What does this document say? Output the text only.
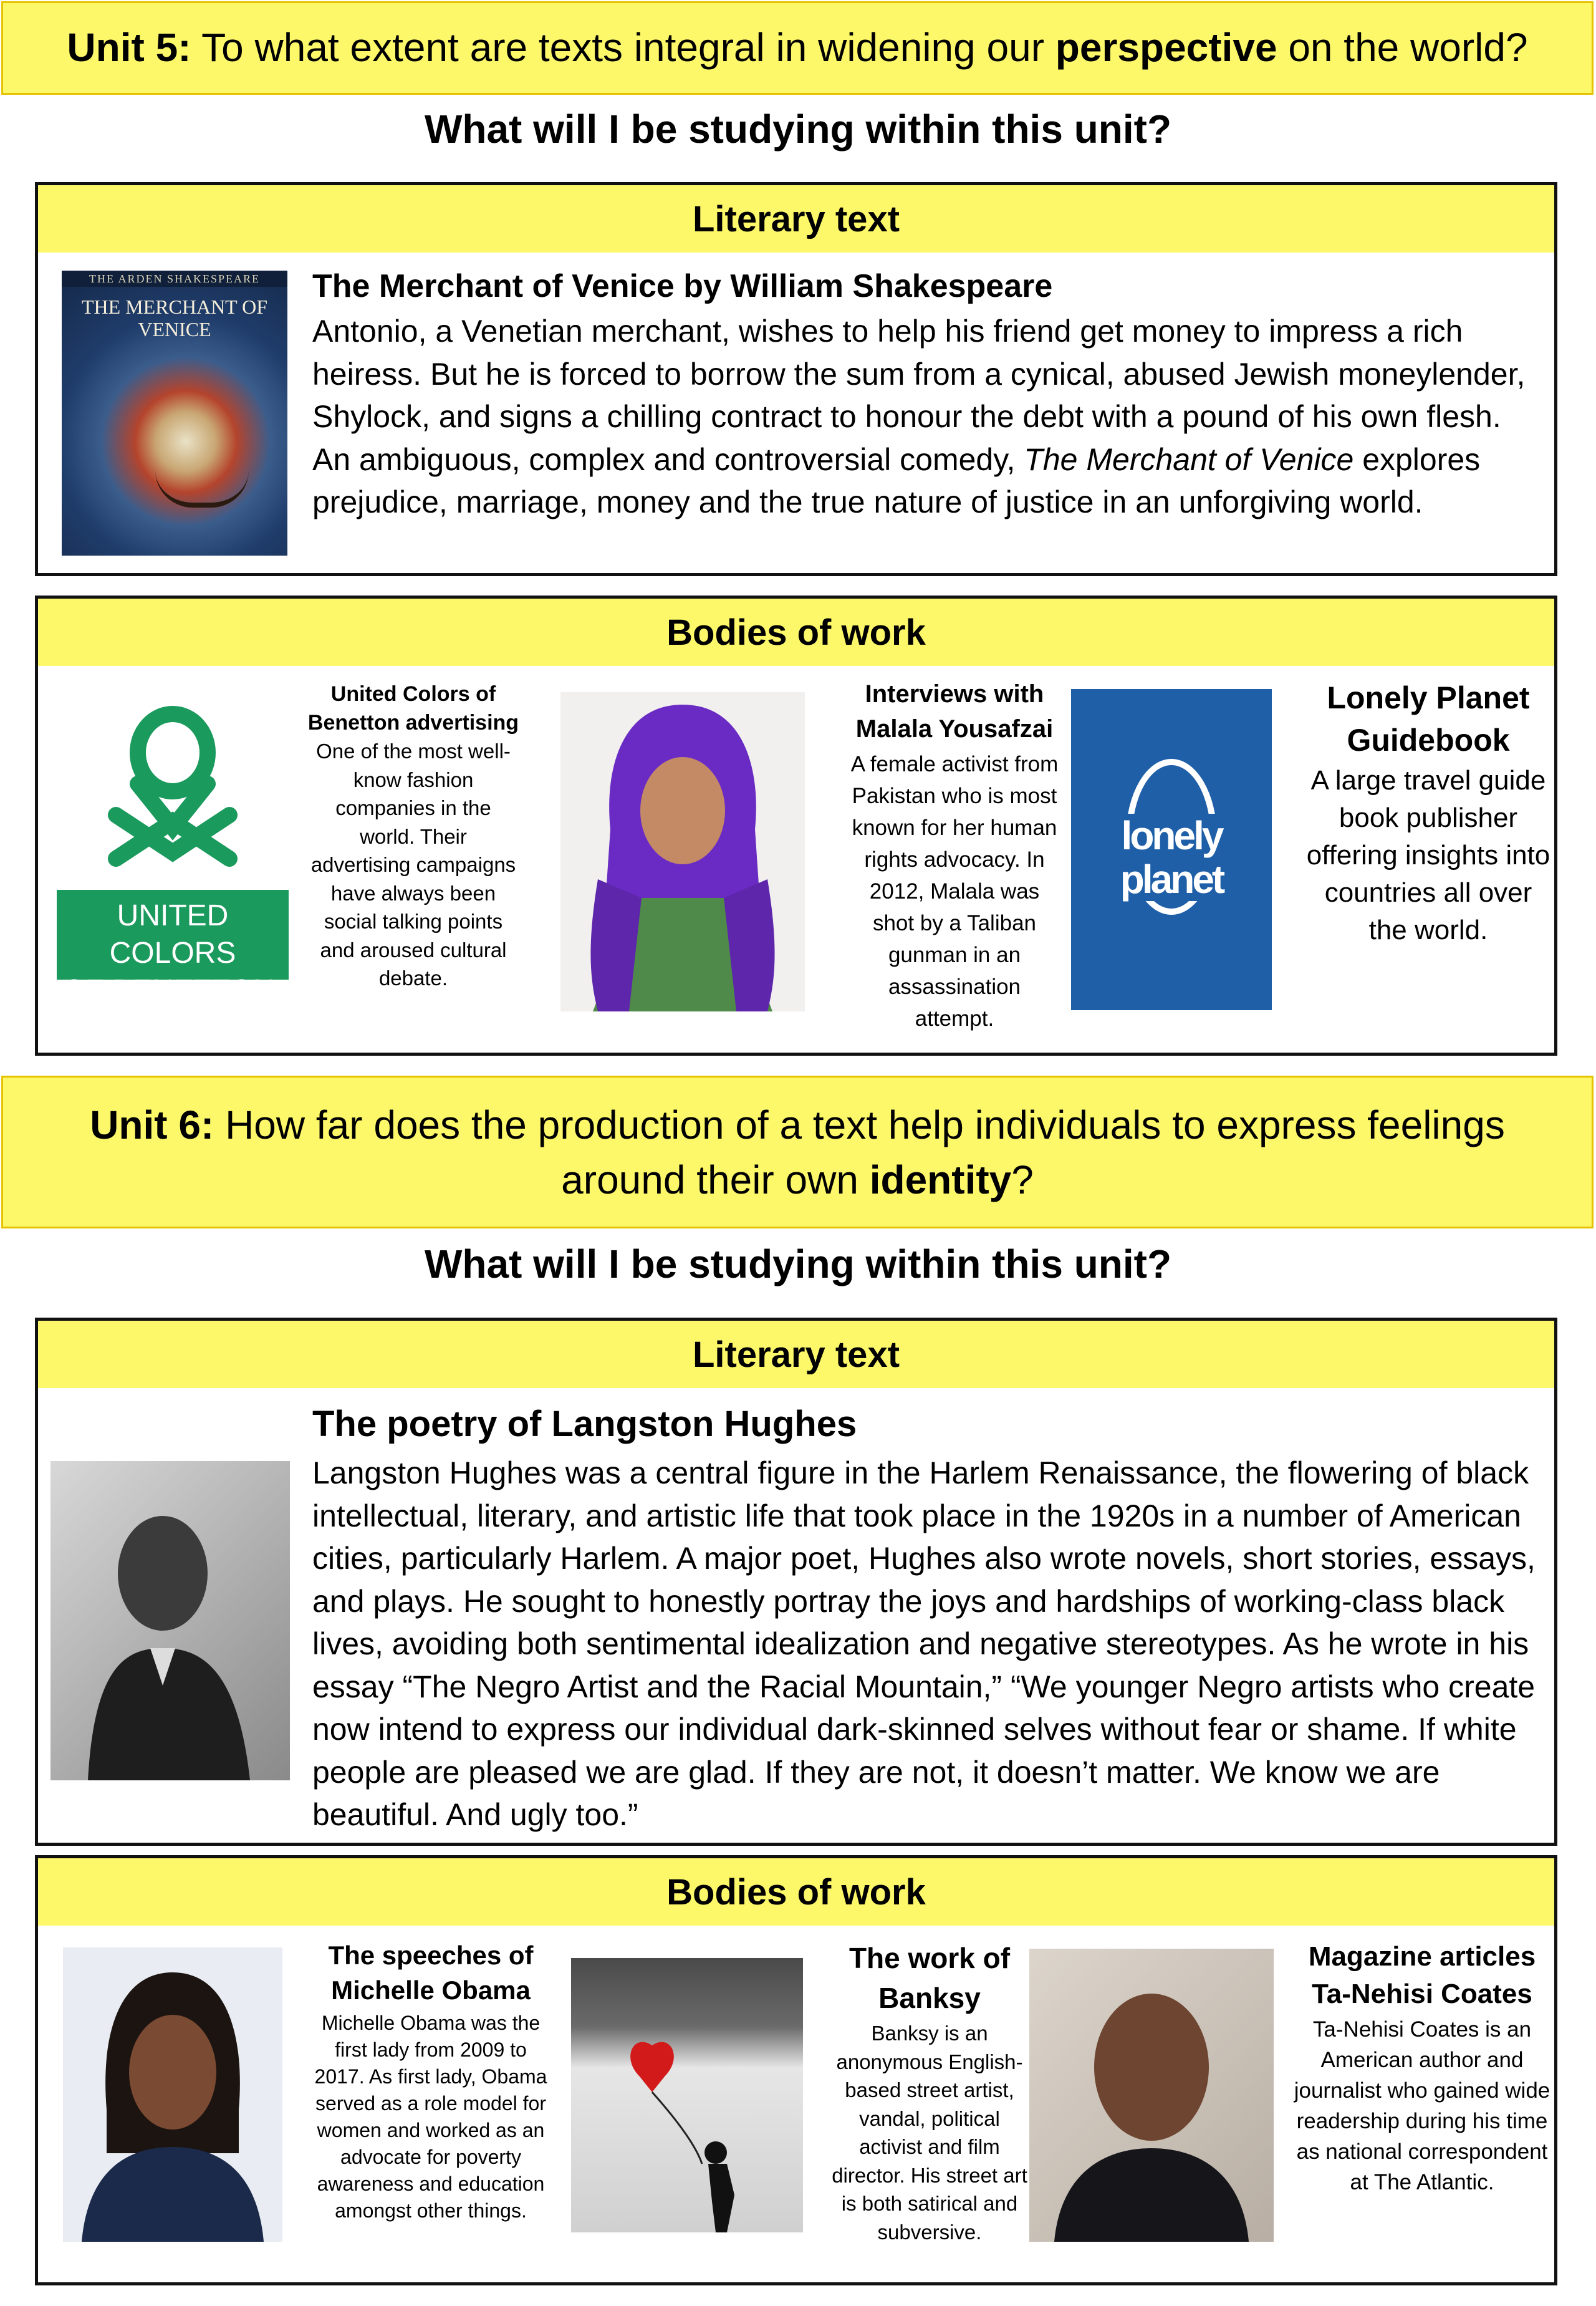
Unit 5: To what extent are texts integral in widening our perspective on the world?
What will I be studying within this unit?
Literary text
THE ARDEN SHAKESPEARE
THE MERCHANT OF VENICE
The Merchant of Venice by William Shakespeare
Antonio, a Venetian merchant, wishes to help his friend get money to impress a rich heiress. But he is forced to borrow the sum from a cynical, abused Jewish moneylender, Shylock, and signs a chilling contract to honour the debt with a pound of his own flesh. An ambiguous, complex and controversial comedy, The Merchant of Venice explores prejudice, marriage, money and the true nature of justice in an unforgiving world.
Bodies of work
UNITED COLORS
OF BENETTON.
United Colors of Benetton advertising
One of the most well-know fashion companies in the world. Their advertising campaigns have always been social talking points and aroused cultural debate.
Interviews with Malala Yousafzai
A female activist from Pakistan who is most known for her human rights advocacy. In 2012, Malala was shot by a Taliban gunman in an assassination attempt.
lonely planet
Lonely Planet Guidebook
A large travel guide book publisher offering insights into countries all over the world.
Unit 6: How far does the production of a text help individuals to express feelings around their own identity?
What will I be studying within this unit?
Literary text
The poetry of Langston Hughes
Langston Hughes was a central figure in the Harlem Renaissance, the flowering of black intellectual, literary, and artistic life that took place in the 1920s in a number of American cities, particularly Harlem. A major poet, Hughes also wrote novels, short stories, essays, and plays. He sought to honestly portray the joys and hardships of working-class black lives, avoiding both sentimental idealization and negative stereotypes. As he wrote in his essay “The Negro Artist and the Racial Mountain,” “We younger Negro artists who create now intend to express our individual dark-skinned selves without fear or shame. If white people are pleased we are glad. If they are not, it doesn’t matter. We know we are beautiful. And ugly too.”
Bodies of work
The speeches of Michelle Obama
Michelle Obama was the first lady from 2009 to 2017. As first lady, Obama served as a role model for women and worked as an advocate for poverty awareness and education amongst other things.
The work of Banksy
Banksy is an anonymous English-based street artist, vandal, political activist and film director. His street art is both satirical and subversive.
Magazine articles Ta-Nehisi Coates
Ta-Nehisi Coates is an American author and journalist who gained wide readership during his time as national correspondent at The Atlantic.
